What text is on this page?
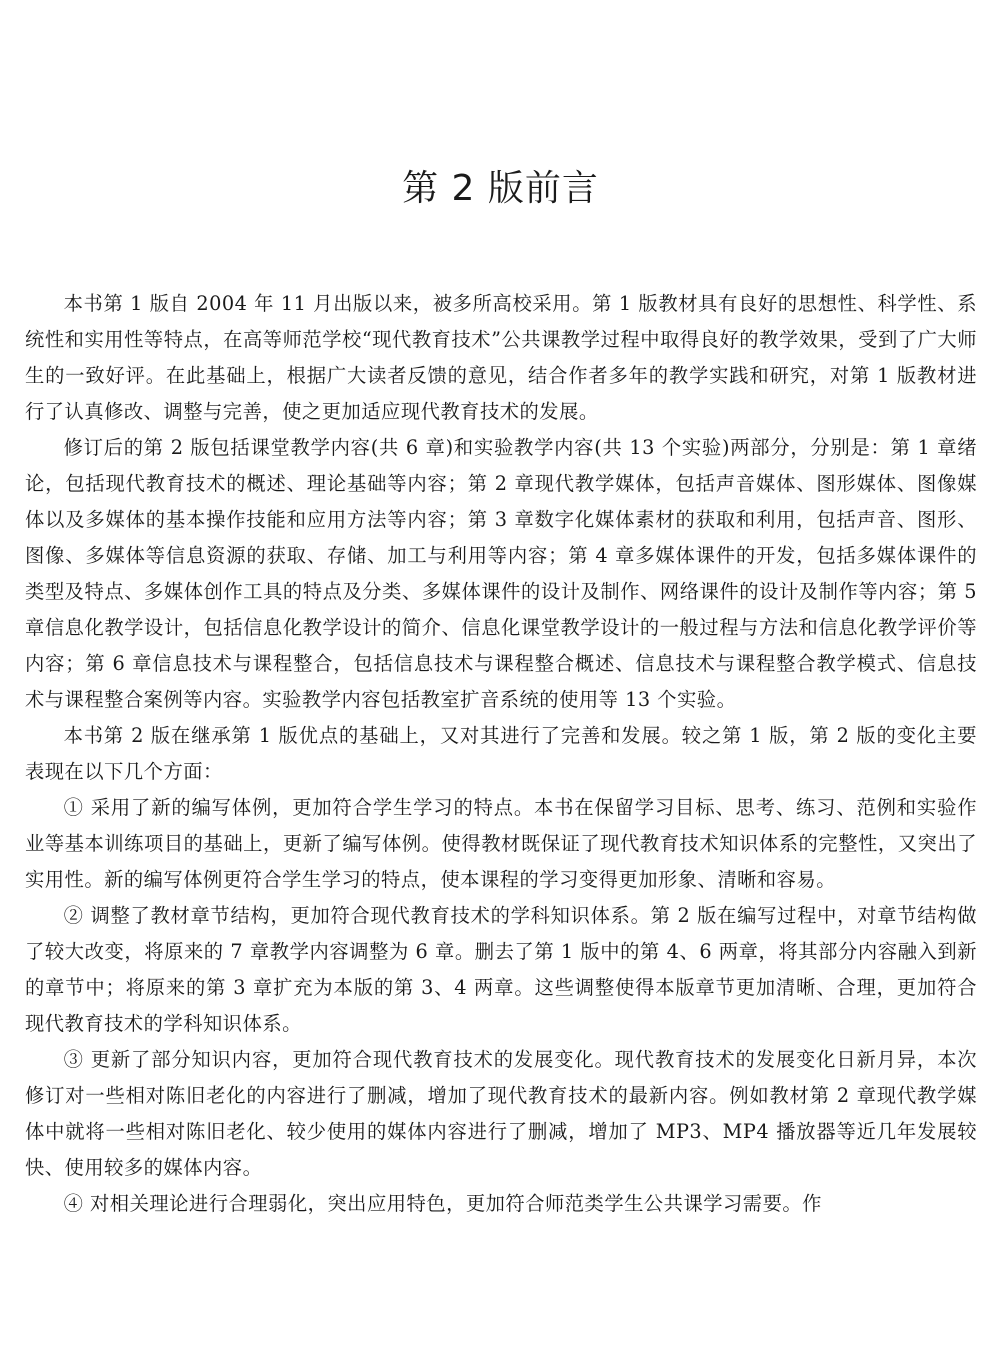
第 2 版前言

本书第 1 版自 2004 年 11 月出版以来，被多所高校采用。第 1 版教材具有良好的思想性、科学性、系统性和实用性等特点，在高等师范学校“现代教育技术”公共课教学过程中取得良好的教学效果，受到了广大师生的一致好评。在此基础上，根据广大读者反馈的意见，结合作者多年的教学实践和研究，对第 1 版教材进行了认真修改、调整与完善，使之更加适应现代教育技术的发展。

修订后的第 2 版包括课堂教学内容(共 6 章)和实验教学内容(共 13 个实验)两部分，分别是：第 1 章绪论，包括现代教育技术的概述、理论基础等内容；第 2 章现代教学媒体，包括声音媒体、图形媒体、图像媒体以及多媒体的基本操作技能和应用方法等内容；第 3 章数字化媒体素材的获取和利用，包括声音、图形、图像、多媒体等信息资源的获取、存储、加工与利用等内容；第 4 章多媒体课件的开发，包括多媒体课件的类型及特点、多媒体创作工具的特点及分类、多媒体课件的设计及制作、网络课件的设计及制作等内容；第 5 章信息化教学设计，包括信息化教学设计的简介、信息化课堂教学设计的一般过程与方法和信息化教学评价等内容；第 6 章信息技术与课程整合，包括信息技术与课程整合概述、信息技术与课程整合教学模式、信息技术与课程整合案例等内容。实验教学内容包括教室扩音系统的使用等 13 个实验。

本书第 2 版在继承第 1 版优点的基础上，又对其进行了完善和发展。较之第 1 版，第 2 版的变化主要表现在以下几个方面：

① 采用了新的编写体例，更加符合学生学习的特点。本书在保留学习目标、思考、练习、范例和实验作业等基本训练项目的基础上，更新了编写体例。使得教材既保证了现代教育技术知识体系的完整性，又突出了实用性。新的编写体例更符合学生学习的特点，使本课程的学习变得更加形象、清晰和容易。

② 调整了教材章节结构，更加符合现代教育技术的学科知识体系。第 2 版在编写过程中，对章节结构做了较大改变，将原来的 7 章教学内容调整为 6 章。删去了第 1 版中的第 4、6 两章，将其部分内容融入到新的章节中；将原来的第 3 章扩充为本版的第 3、4 两章。这些调整使得本版章节更加清晰、合理，更加符合现代教育技术的学科知识体系。

③ 更新了部分知识内容，更加符合现代教育技术的发展变化。现代教育技术的发展变化日新月异，本次修订对一些相对陈旧老化的内容进行了删减，增加了现代教育技术的最新内容。例如教材第 2 章现代教学媒体中就将一些相对陈旧老化、较少使用的媒体内容进行了删减，增加了 MP3、MP4 播放器等近几年发展较快、使用较多的媒体内容。

④ 对相关理论进行合理弱化，突出应用特色，更加符合师范类学生公共课学习需要。作
